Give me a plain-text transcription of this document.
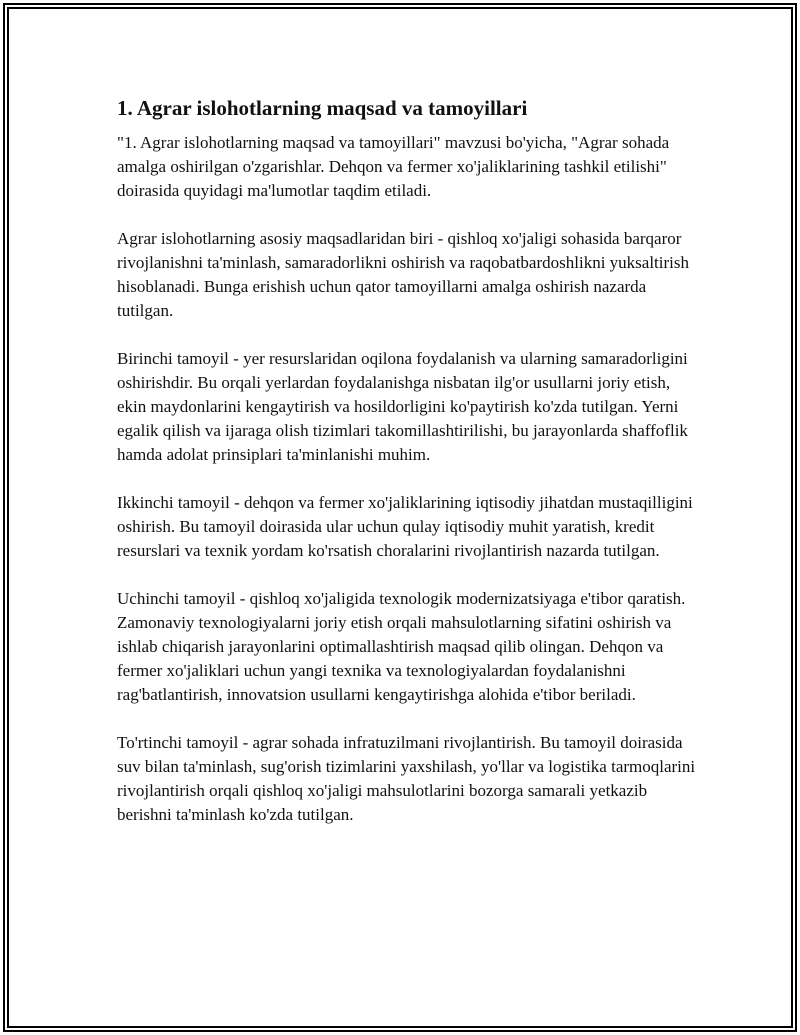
1. Agrar islohotlarning maqsad va tamoyillari

"1. Agrar islohotlarning maqsad va tamoyillari" mavzusi bo'yicha, "Agrar sohada amalga oshirilgan o'zgarishlar. Dehqon va fermer xo'jaliklarining tashkil etilishi" doirasida quyidagi ma'lumotlar taqdim etiladi.

Agrar islohotlarning asosiy maqsadlaridan biri - qishloq xo'jaligi sohasida barqaror rivojlanishni ta'minlash, samaradorlikni oshirish va raqobatbardoshlikni yuksaltirish hisoblanadi. Bunga erishish uchun qator tamoyillarni amalga oshirish nazarda tutilgan.

Birinchi tamoyil - yer resurslaridan oqilona foydalanish va ularning samaradorligini oshirishdir. Bu orqali yerlardan foydalanishga nisbatan ilg'or usullarni joriy etish, ekin maydonlarini kengaytirish va hosildorligini ko'paytirish ko'zda tutilgan. Yerni egalik qilish va ijaraga olish tizimlari takomillashtirilishi, bu jarayonlarda shaffoflik hamda adolat prinsiplari ta'minlanishi muhim.

Ikkinchi tamoyil - dehqon va fermer xo'jaliklarining iqtisodiy jihatdan mustaqilligini oshirish. Bu tamoyil doirasida ular uchun qulay iqtisodiy muhit yaratish, kredit resurslari va texnik yordam ko'rsatish choralarini rivojlantirish nazarda tutilgan.

Uchinchi tamoyil - qishloq xo'jaligida texnologik modernizatsiyaga e'tibor qaratish. Zamonaviy texnologiyalarni joriy etish orqali mahsulotlarning sifatini oshirish va ishlab chiqarish jarayonlarini optimallashtirish maqsad qilib olingan. Dehqon va fermer xo'jaliklari uchun yangi texnika va texnologiyalardan foydalanishni rag'batlantirish, innovatsion usullarni kengaytirishga alohida e'tibor beriladi.

To'rtinchi tamoyil - agrar sohada infratuzilmani rivojlantirish. Bu tamoyil doirasida suv bilan ta'minlash, sug'orish tizimlarini yaxshilash, yo'llar va logistika tarmoqlarini rivojlantirish orqali qishloq xo'jaligi mahsulotlarini bozorga samarali yetkazib berishni ta'minlash ko'zda tutilgan.
